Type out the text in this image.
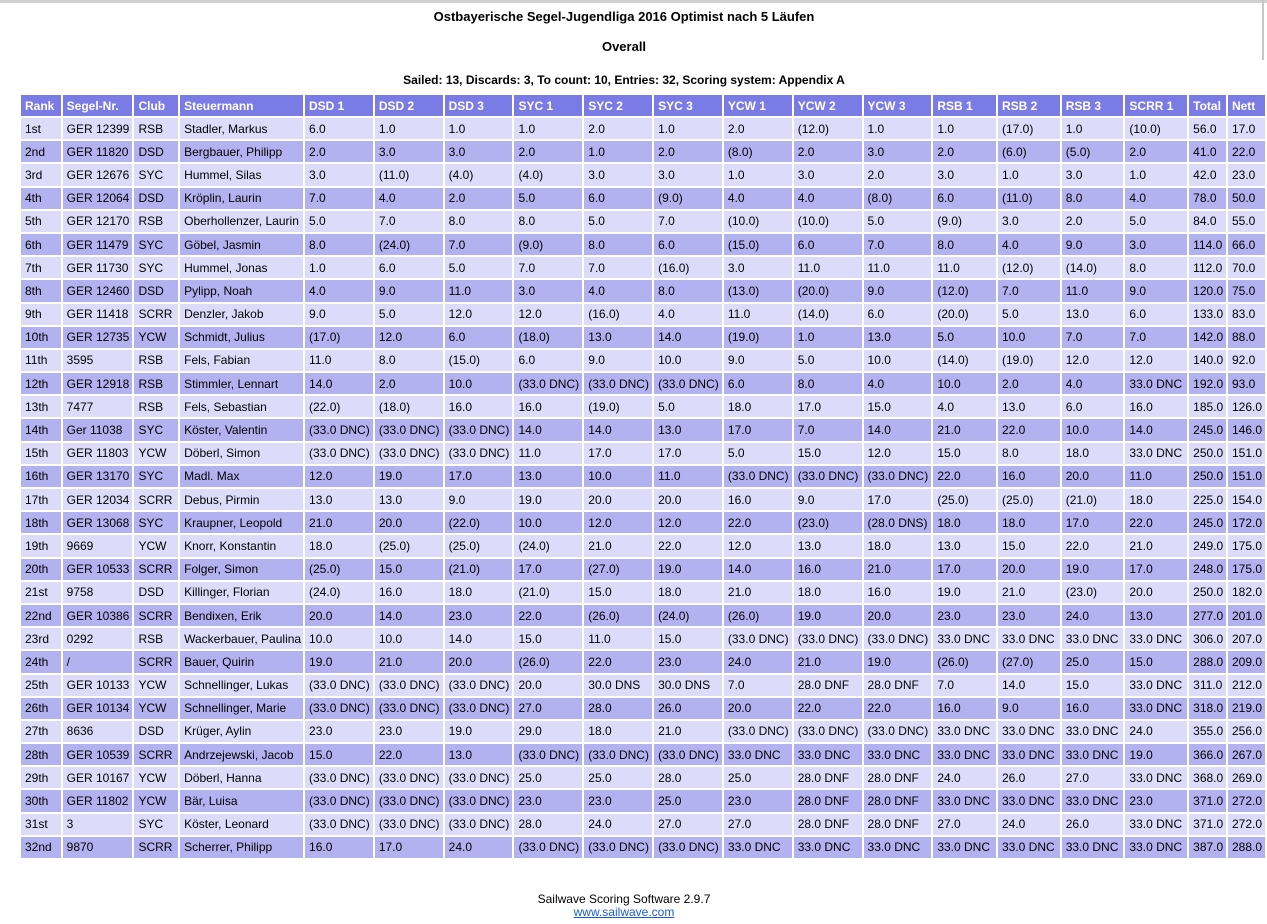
Ostbayerische Segel-Jugendliga 2016 Optimist nach 5 Läufen
Overall
Sailed: 13, Discards: 3, To count: 10, Entries: 32, Scoring system: Appendix A
Rank	Segel-Nr.	Club	Steuermann	DSD 1	DSD 2	DSD 3	SYC 1	SYC 2	SYC 3	YCW 1	YCW 2	YCW 3	RSB 1	RSB 2	RSB 3	SCRR 1	Total	Nett
1st	GER 12399	RSB	Stadler, Markus	6.0	1.0	1.0	1.0	2.0	1.0	2.0	(12.0)	1.0	1.0	(17.0)	1.0	(10.0)	56.0	17.0
2nd	GER 11820	DSD	Bergbauer, Philipp	2.0	3.0	3.0	2.0	1.0	2.0	(8.0)	2.0	3.0	2.0	(6.0)	(5.0)	2.0	41.0	22.0
3rd	GER 12676	SYC	Hummel, Silas	3.0	(11.0)	(4.0)	(4.0)	3.0	3.0	1.0	3.0	2.0	3.0	1.0	3.0	1.0	42.0	23.0
4th	GER 12064	DSD	Kröplin, Laurin	7.0	4.0	2.0	5.0	6.0	(9.0)	4.0	4.0	(8.0)	6.0	(11.0)	8.0	4.0	78.0	50.0
5th	GER 12170	RSB	Oberhollenzer, Laurin	5.0	7.0	8.0	8.0	5.0	7.0	(10.0)	(10.0)	5.0	(9.0)	3.0	2.0	5.0	84.0	55.0
6th	GER 11479	SYC	Göbel, Jasmin	8.0	(24.0)	7.0	(9.0)	8.0	6.0	(15.0)	6.0	7.0	8.0	4.0	9.0	3.0	114.0	66.0
7th	GER 11730	SYC	Hummel, Jonas	1.0	6.0	5.0	7.0	7.0	(16.0)	3.0	11.0	11.0	11.0	(12.0)	(14.0)	8.0	112.0	70.0
8th	GER 12460	DSD	Pylipp, Noah	4.0	9.0	11.0	3.0	4.0	8.0	(13.0)	(20.0)	9.0	(12.0)	7.0	11.0	9.0	120.0	75.0
9th	GER 11418	SCRR	Denzler, Jakob	9.0	5.0	12.0	12.0	(16.0)	4.0	11.0	(14.0)	6.0	(20.0)	5.0	13.0	6.0	133.0	83.0
10th	GER 12735	YCW	Schmidt, Julius	(17.0)	12.0	6.0	(18.0)	13.0	14.0	(19.0)	1.0	13.0	5.0	10.0	7.0	7.0	142.0	88.0
11th	3595	RSB	Fels, Fabian	11.0	8.0	(15.0)	6.0	9.0	10.0	9.0	5.0	10.0	(14.0)	(19.0)	12.0	12.0	140.0	92.0
12th	GER 12918	RSB	Stimmler, Lennart	14.0	2.0	10.0	(33.0 DNC)	(33.0 DNC)	(33.0 DNC)	6.0	8.0	4.0	10.0	2.0	4.0	33.0 DNC	192.0	93.0
13th	7477	RSB	Fels, Sebastian	(22.0)	(18.0)	16.0	16.0	(19.0)	5.0	18.0	17.0	15.0	4.0	13.0	6.0	16.0	185.0	126.0
14th	Ger 11038	SYC	Köster, Valentin	(33.0 DNC)	(33.0 DNC)	(33.0 DNC)	14.0	14.0	13.0	17.0	7.0	14.0	21.0	22.0	10.0	14.0	245.0	146.0
15th	GER 11803	YCW	Döberl, Simon	(33.0 DNC)	(33.0 DNC)	(33.0 DNC)	11.0	17.0	17.0	5.0	15.0	12.0	15.0	8.0	18.0	33.0 DNC	250.0	151.0
16th	GER 13170	SYC	Madl. Max	12.0	19.0	17.0	13.0	10.0	11.0	(33.0 DNC)	(33.0 DNC)	(33.0 DNC)	22.0	16.0	20.0	11.0	250.0	151.0
17th	GER 12034	SCRR	Debus, Pirmin	13.0	13.0	9.0	19.0	20.0	20.0	16.0	9.0	17.0	(25.0)	(25.0)	(21.0)	18.0	225.0	154.0
18th	GER 13068	SYC	Kraupner, Leopold	21.0	20.0	(22.0)	10.0	12.0	12.0	22.0	(23.0)	(28.0 DNS)	18.0	18.0	17.0	22.0	245.0	172.0
19th	9669	YCW	Knorr, Konstantin	18.0	(25.0)	(25.0)	(24.0)	21.0	22.0	12.0	13.0	18.0	13.0	15.0	22.0	21.0	249.0	175.0
20th	GER 10533	SCRR	Folger, Simon	(25.0)	15.0	(21.0)	17.0	(27.0)	19.0	14.0	16.0	21.0	17.0	20.0	19.0	17.0	248.0	175.0
21st	9758	DSD	Killinger, Florian	(24.0)	16.0	18.0	(21.0)	15.0	18.0	21.0	18.0	16.0	19.0	21.0	(23.0)	20.0	250.0	182.0
22nd	GER 10386	SCRR	Bendixen, Erik	20.0	14.0	23.0	22.0	(26.0)	(24.0)	(26.0)	19.0	20.0	23.0	23.0	24.0	13.0	277.0	201.0
23rd	0292	RSB	Wackerbauer, Paulina	10.0	10.0	14.0	15.0	11.0	15.0	(33.0 DNC)	(33.0 DNC)	(33.0 DNC)	33.0 DNC	33.0 DNC	33.0 DNC	33.0 DNC	306.0	207.0
24th	/	SCRR	Bauer, Quirin	19.0	21.0	20.0	(26.0)	22.0	23.0	24.0	21.0	19.0	(26.0)	(27.0)	25.0	15.0	288.0	209.0
25th	GER 10133	YCW	Schnellinger, Lukas	(33.0 DNC)	(33.0 DNC)	(33.0 DNC)	20.0	30.0 DNS	30.0 DNS	7.0	28.0 DNF	28.0 DNF	7.0	14.0	15.0	33.0 DNC	311.0	212.0
26th	GER 10134	YCW	Schnellinger, Marie	(33.0 DNC)	(33.0 DNC)	(33.0 DNC)	27.0	28.0	26.0	20.0	22.0	22.0	16.0	9.0	16.0	33.0 DNC	318.0	219.0
27th	8636	DSD	Krüger, Aylin	23.0	23.0	19.0	29.0	18.0	21.0	(33.0 DNC)	(33.0 DNC)	(33.0 DNC)	33.0 DNC	33.0 DNC	33.0 DNC	24.0	355.0	256.0
28th	GER 10539	SCRR	Andrzejewski, Jacob	15.0	22.0	13.0	(33.0 DNC)	(33.0 DNC)	(33.0 DNC)	33.0 DNC	33.0 DNC	33.0 DNC	33.0 DNC	33.0 DNC	33.0 DNC	19.0	366.0	267.0
29th	GER 10167	YCW	Döberl, Hanna	(33.0 DNC)	(33.0 DNC)	(33.0 DNC)	25.0	25.0	28.0	25.0	28.0 DNF	28.0 DNF	24.0	26.0	27.0	33.0 DNC	368.0	269.0
30th	GER 11802	YCW	Bär, Luisa	(33.0 DNC)	(33.0 DNC)	(33.0 DNC)	23.0	23.0	25.0	23.0	28.0 DNF	28.0 DNF	33.0 DNC	33.0 DNC	33.0 DNC	23.0	371.0	272.0
31st	3	SYC	Köster, Leonard	(33.0 DNC)	(33.0 DNC)	(33.0 DNC)	28.0	24.0	27.0	27.0	28.0 DNF	28.0 DNF	27.0	24.0	26.0	33.0 DNC	371.0	272.0
32nd	9870	SCRR	Scherrer, Philipp	16.0	17.0	24.0	(33.0 DNC)	(33.0 DNC)	(33.0 DNC)	33.0 DNC	33.0 DNC	33.0 DNC	33.0 DNC	33.0 DNC	33.0 DNC	33.0 DNC	387.0	288.0
Sailwave Scoring Software 2.9.7
www.sailwave.com
